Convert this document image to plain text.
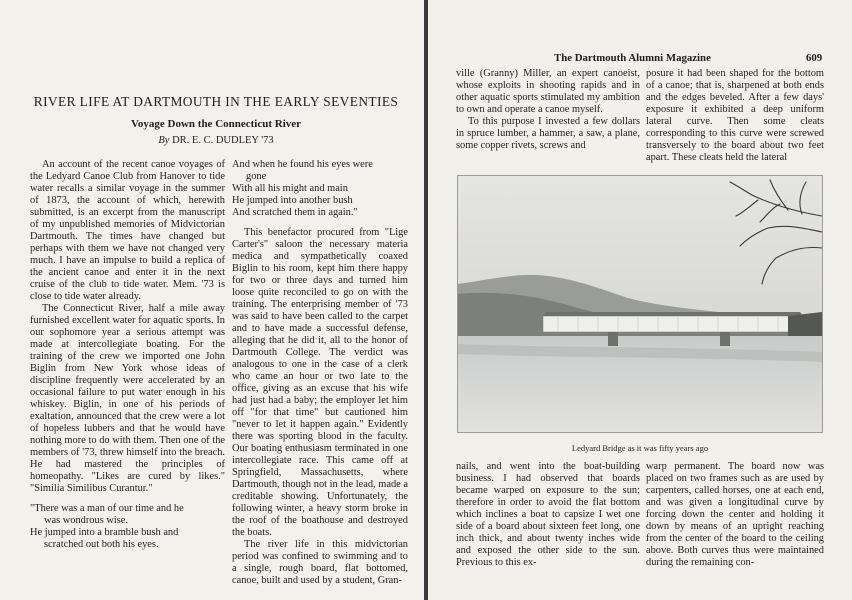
RIVER LIFE AT DARTMOUTH IN THE EARLY SEVENTIES
Voyage Down the Connecticut River
By DR. E. C. DUDLEY '73

An account of the recent canoe voyages of the Ledyard Canoe Club from Hanover to tide water recalls a similar voyage in the summer of 1873, the account of which, herewith submitted, is an excerpt from the manuscript of my unpublished memories of Midvictorian Dartmouth. The times have changed but perhaps with them we have not changed very much. I have an impulse to build a replica of the ancient canoe and enter it in the next cruise of the club to tide water. Mem. '73 is close to tide water already.

The Connecticut River, half a mile away furnished excellent water for aquatic sports. In our sophomore year a serious attempt was made at intercollegiate boating. For the training of the crew we imported one John Biglin from New York whose ideas of discipline frequently were accelerated by an occasional failure to put water enough in his whiskey. Biglin, in one of his periods of exaltation, announced that the crew were a lot of hopeless lubbers and that he would have nothing more to do with them. Then one of the members of '73, threw himself into the breach. He had mastered the principles of homeopathy. "Likes are cured by likes." "Similia Similibus Curantur."

"There was a man of our time and he
was wondrous wise.
He jumped into a bramble bush and
scratched out both his eyes.
And when he found his eyes were
gone
With all his might and main
He jumped into another bush
And scratched them in again."

This benefactor procured from "Lige Carter's" saloon the necessary materia medica and sympathetically coaxed Biglin to his room, kept him there happy for two or three days and turned him loose quite reconciled to go on with the training. The enterprising member of '73 was said to have been called to the carpet and to have made a successful defense, alleging that he did it, all to the honor of Dartmouth College. The verdict was analogous to one in the case of a clerk who came an hour or two late to the office, giving as an excuse that his wife had just had a baby; the employer let him off "for that time" but cautioned him "never to let it happen again." Evidently there was sporting blood in the faculty. Our boating enthusiasm terminated in one intercollegiate race. This came off at Springfield, Massachusetts, where Dartmouth, though not in the lead, made a creditable showing. Unfortunately, the following winter, a heavy storm broke in the roof of the boathouse and destroyed the boats.

The river life in this midvictorian period was confined to swimming and to a single, rough board, flat bottomed, canoe, built and used by a student, Gran-

The Dartmouth Alumni Magazine	609

ville (Granny) Miller, an expert canoeist, whose exploits in shooting rapids and in other aquatic sports stimulated my ambition to own and operate a canoe myself.

To this purpose I invested a few dollars in spruce lumber, a hammer, a saw, a plane, some copper rivets, screws and

posure it had been shaped for the bottom of a canoe; that is, sharpened at both ends and the edges beveled. After a few days' exposure it exhibited a deep uniform lateral curve. Then some cleats corresponding to this curve were screwed transversely to the board about two feet apart. These cleats held the lateral

Ledyard Bridge as it was fifty years ago

nails, and went into the boat-building business. I had observed that boards became warped on exposure to the sun; therefore in order to avoid the flat bottom which inclines a boat to capsize I wet one side of a board about sixteen feet long, one inch thick, and about twenty inches wide and exposed the other side to the sun. Previous to this ex-

warp permanent. The board now was placed on two frames such as are used by carpenters, called horses, one at each end, and was given a longitudinal curve by forcing down the center and holding it down by means of an upright reaching from the center of the board to the ceiling above. Both curves thus were maintained during the remaining con-
